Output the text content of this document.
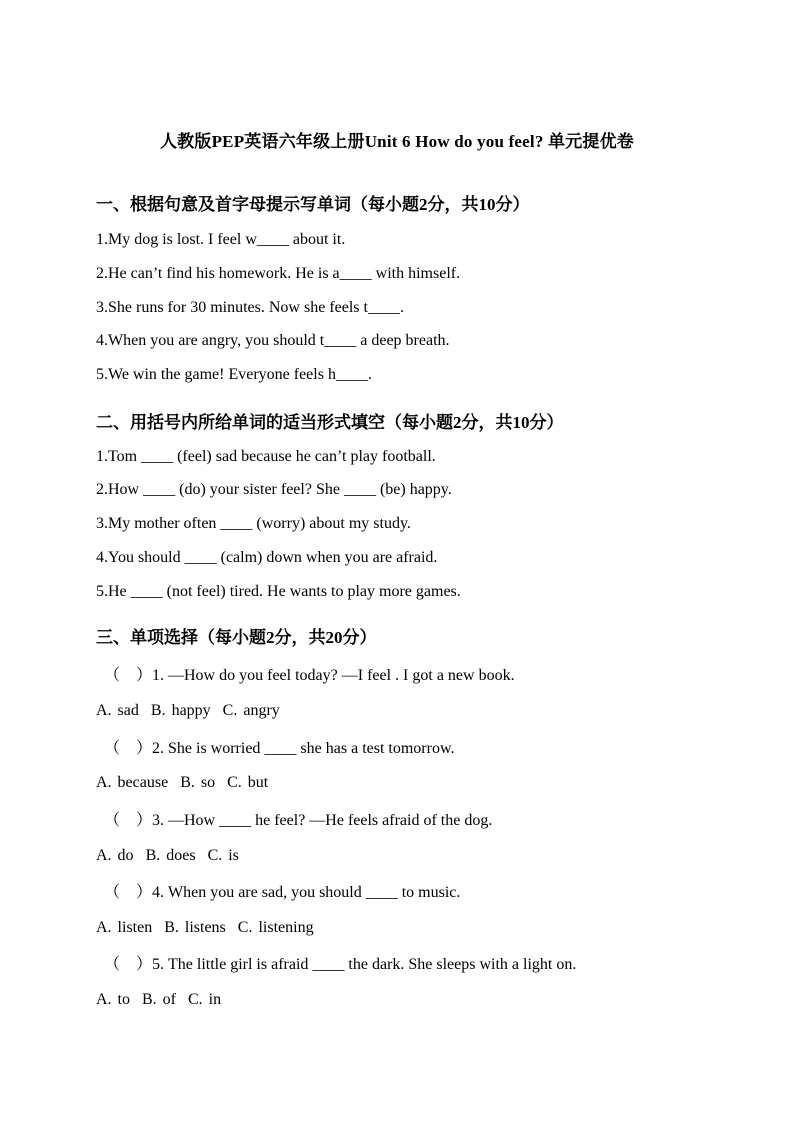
人教版PEP英语六年级上册Unit 6 How do you feel? 单元提优卷
一、根据句意及首字母提示写单词（每小题2分，共10分）
1.My dog is lost. I feel w____ about it.
2.He can’t find his homework. He is a____ with himself.
3.She runs for 30 minutes. Now she feels t____.
4.When you are angry, you should t____ a deep breath.
5.We win the game! Everyone feels h____.
二、用括号内所给单词的适当形式填空（每小题2分，共10分）
1.Tom ____ (feel) sad because he can’t play football.
2.How ____ (do) your sister feel? She ____ (be) happy.
3.My mother often ____ (worry) about my study.
4.You should ____ (calm) down when you are afraid.
5.He ____ (not feel) tired. He wants to play more games.
三、单项选择（每小题2分，共20分）
（　）1. —How do you feel today? —I feel . I got a new book.
A. sad B. happy C. angry
（　）2. She is worried ____ she has a test tomorrow.
A. because B. so C. but
（　）3. —How ____ he feel? —He feels afraid of the dog.
A. do B. does C. is
（　）4. When you are sad, you should ____ to music.
A. listen B. listens C. listening
（　）5. The little girl is afraid ____ the dark. She sleeps with a light on.
A. to B. of C. in
